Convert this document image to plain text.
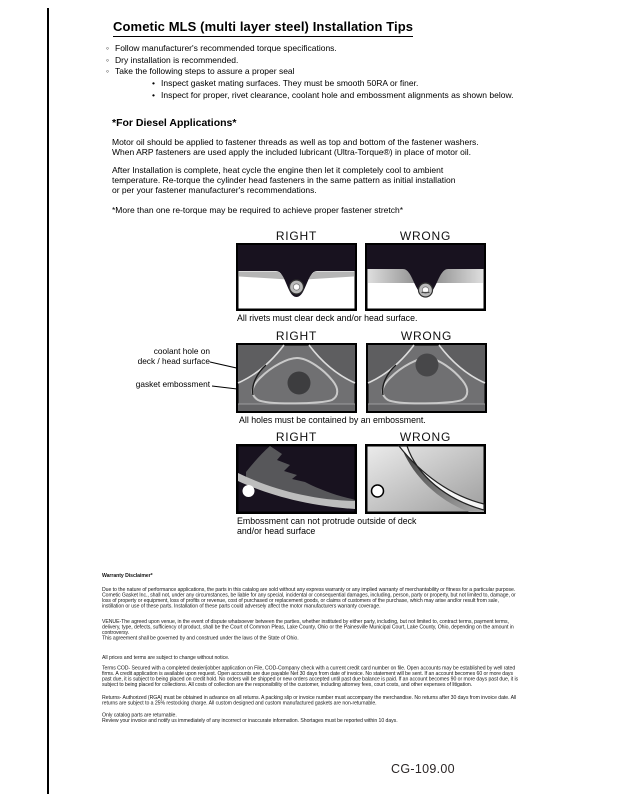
Cometic MLS (multi layer steel) Installation Tips
◦ Follow manufacturer's recommended torque specifications.
◦ Dry installation is recommended.
◦ Take the following steps to assure a proper seal
• Inspect gasket mating surfaces. They must be smooth 50RA or finer.
• Inspect for proper, rivet clearance, coolant hole and embossment alignments as shown below.
*For Diesel Applications*
Motor oil should be applied to fastener threads as well as top and bottom of the fastener washers.
When ARP fasteners are used apply the included lubricant (Ultra-Torque®) in place of motor oil.
After Installation is complete, heat cycle the engine then let it completely cool to ambient
temperature. Re-torque the cylinder head fasteners in the same pattern as initial installation
or per your fastener manufacturer's recommendations.
*More than one re-torque may be required to achieve proper fastener stretch*
RIGHT	WRONG
All rivets must clear deck and/or head surface.
RIGHT	WRONG
coolant hole on
deck / head surface
gasket embossment
All holes must be contained by an embossment.
RIGHT	WRONG
Embossment can not protrude outside of deck
and/or head surface
Warranty Disclaimer*

Due to the nature of performance applications, the parts in this catalog are sold without any express warranty or any implied warranty of merchantability or fitness for a particular purpose. Cometic Gasket Inc., shall not, under any circumstances, be liable for any special, incidental or consequential damages, including, person, party or property, but not limited to, damage, or loss of property or equipment, loss of profits or revenue, cost of purchased or replacement goods, or claims of customers of the purchase, which may arise and/or result from sale, instillation or use of these parts. Installation of these parts could adversely affect the motor manufacturers warranty coverage.

VENUE-The agreed upon venue, in the event of dispute whatsoever between the parties, whether instituted by either party, including, but not limited to, contract terms, payment terms, delivery, type, defects, sufficiency of product, shall be the Court of Common Pleas, Lake County, Ohio or the Painesville Municipal Court, Lake County, Ohio, depending on the amount in controversy.
This agreement shall be governed by and construed under the laws of the State of Ohio.

All prices and terms are subject to change without notice.

Terms COD- Secured with a completed dealer/jobber application on File, COD-Company check with a current credit card number on file. Open accounts may be established by well rated firms. A credit application is available upon request. Open accounts are due payable Net 30 days from date of invoice. No statement will be sent. If an account becomes 60 or more days past due, it is subject to being placed on credit hold. No orders will be shipped or new orders accepted until past due balance is paid. If an account becomes 90 or more days past due, it is subject to being placed for collections. All costs of collection are the responsibility of the customer, including attorney fees, court costs, and other expenses of litigation.

Returns- Authorized (RGA) must be obtained in advance on all returns. A packing slip or invoice number must accompany the merchandise. No returns after 30 days from invoice date. All returns are subject to a 25% restocking charge. All custom designed and custom manufactured gaskets are non-returnable.

Only catalog parts are returnable.
Review your invoice and notify us immediately of any incorrect or inaccurate information. Shortages must be reported within 10 days.

CG-109.00
